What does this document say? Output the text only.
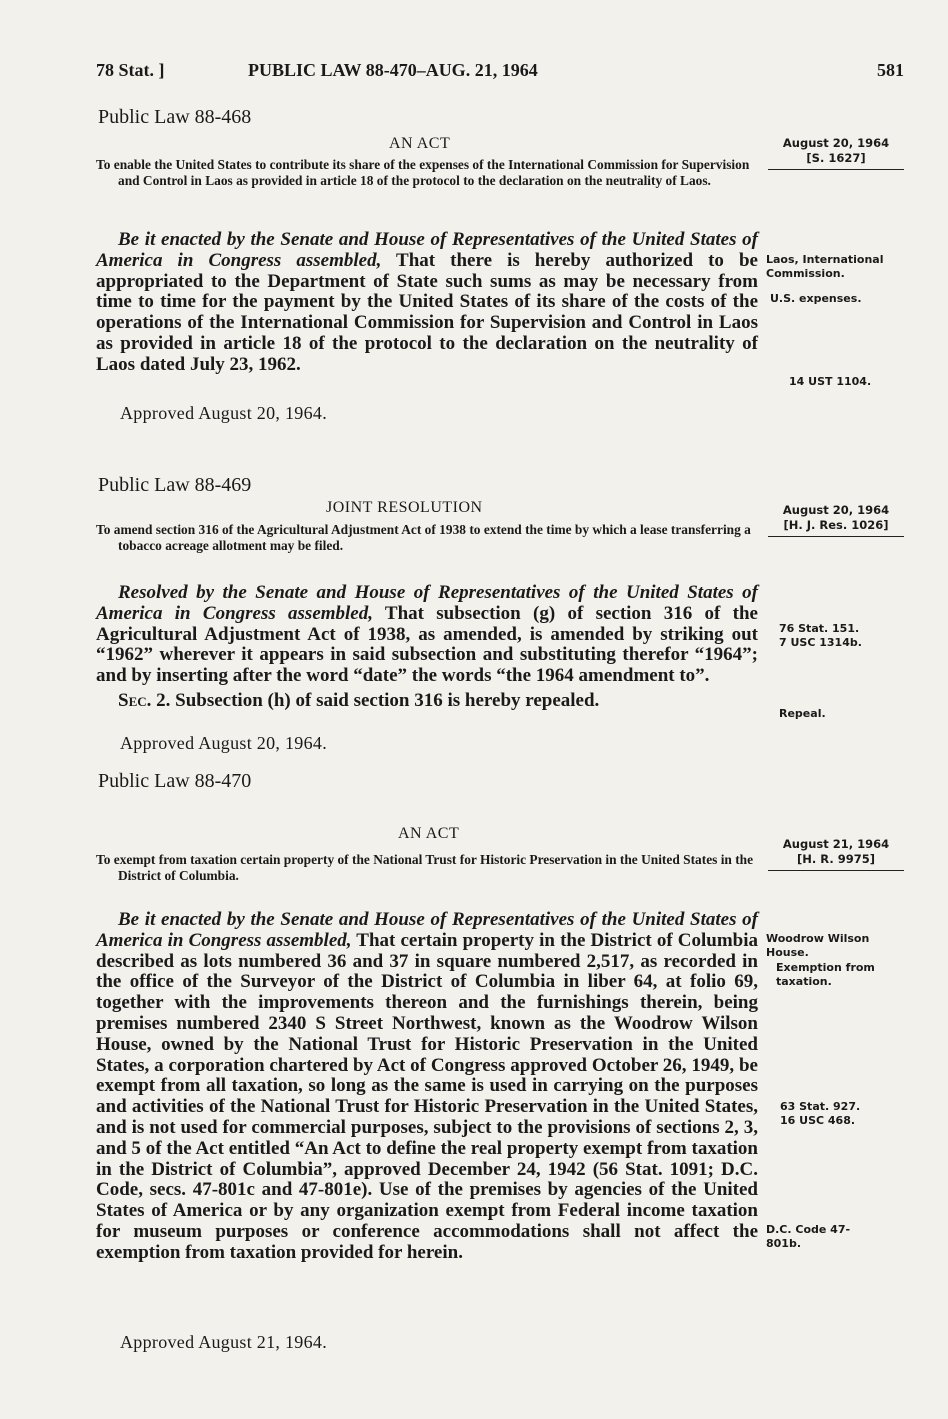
78 Stat. ]	PUBLIC LAW 88-470–AUG. 21, 1964	581
Public Law 88-468
AN ACT
To enable the United States to contribute its share of the expenses of the International Commission for Supervision and Control in Laos as provided in article 18 of the protocol to the declaration on the neutrality of Laos.
August 20, 1964
[S. 1627]

Be it enacted by the Senate and House of Representatives of the United States of America in Congress assembled, That there is hereby authorized to be appropriated to the Department of State such sums as may be necessary from time to time for the payment by the United States of its share of the costs of the operations of the International Commission for Supervision and Control in Laos as provided in article 18 of the protocol to the declaration on the neutrality of Laos dated July 23, 1962.

Approved August 20, 1964.
Laos, International Commission.
U.S. expenses.
14 UST 1104.
Public Law 88-469
JOINT RESOLUTION
To amend section 316 of the Agricultural Adjustment Act of 1938 to extend the time by which a lease transferring a tobacco acreage allotment may be filed.
August 20, 1964
[H. J. Res. 1026]

Resolved by the Senate and House of Representatives of the United States of America in Congress assembled, That subsection (g) of section 316 of the Agricultural Adjustment Act of 1938, as amended, is amended by striking out “1962” wherever it appears in said subsection and substituting therefor “1964”; and by inserting after the word “date” the words “the 1964 amendment to”.

Sec. 2. Subsection (h) of said section 316 is hereby repealed.

Approved August 20, 1964.
76 Stat. 151.
7 USC 1314b.
Repeal.
Public Law 88-470
AN ACT
To exempt from taxation certain property of the National Trust for Historic Preservation in the United States in the District of Columbia.
August 21, 1964
[H. R. 9975]

Be it enacted by the Senate and House of Representatives of the United States of America in Congress assembled, That certain property in the District of Columbia described as lots numbered 36 and 37 in square numbered 2,517, as recorded in the office of the Surveyor of the District of Columbia in liber 64, at folio 69, together with the improvements thereon and the furnishings therein, being premises numbered 2340 S Street Northwest, known as the Woodrow Wilson House, owned by the National Trust for Historic Preservation in the United States, a corporation chartered by Act of Congress approved October 26, 1949, be exempt from all taxation, so long as the same is used in carrying on the purposes and activities of the National Trust for Historic Preservation in the United States, and is not used for commercial purposes, subject to the provisions of sections 2, 3, and 5 of the Act entitled “An Act to define the real property exempt from taxation in the District of Columbia”, approved December 24, 1942 (56 Stat. 1091; D.C. Code, secs. 47-801c and 47-801e). Use of the premises by agencies of the United States of America or by any organization exempt from Federal income taxation for museum purposes or conference accommodations shall not affect the exemption from taxation provided for herein.

Approved August 21, 1964.
Woodrow Wilson House.
Exemption from taxation.
63 Stat. 927.
16 USC 468.
D.C. Code 47-801b.
